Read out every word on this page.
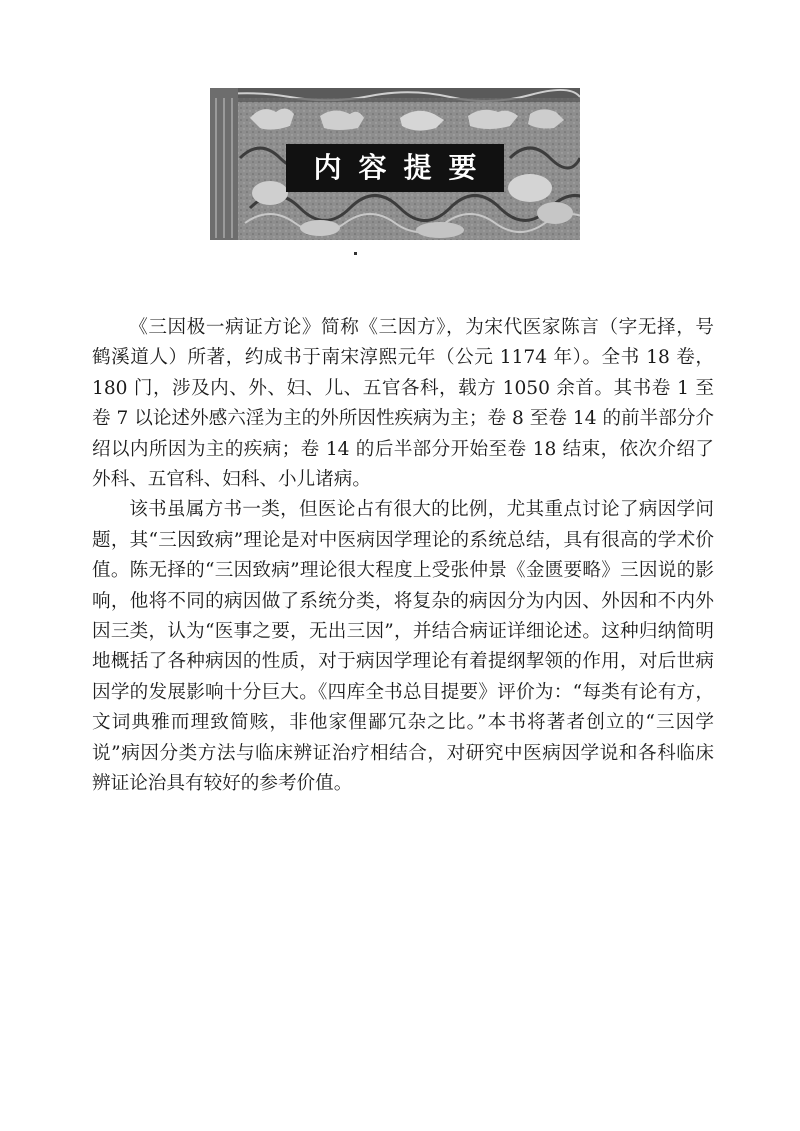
内容提要

《三因极一病证方论》简称《三因方》，为宋代医家陈言（字无择，号鹤溪道人）所著，约成书于南宋淳熙元年（公元 1174 年）。全书 18 卷，180 门，涉及内、外、妇、儿、五官各科，载方 1050 余首。其书卷 1 至卷 7 以论述外感六淫为主的外所因性疾病为主；卷 8 至卷 14 的前半部分介绍以内所因为主的疾病；卷 14 的后半部分开始至卷 18 结束，依次介绍了外科、五官科、妇科、小儿诸病。

该书虽属方书一类，但医论占有很大的比例，尤其重点讨论了病因学问题，其“三因致病”理论是对中医病因学理论的系统总结，具有很高的学术价值。陈无择的“三因致病”理论很大程度上受张仲景《金匮要略》三因说的影响，他将不同的病因做了系统分类，将复杂的病因分为内因、外因和不内外因三类，认为“医事之要，无出三因”，并结合病证详细论述。这种归纳简明地概括了各种病因的性质，对于病因学理论有着提纲挈领的作用，对后世病因学的发展影响十分巨大。《四库全书总目提要》评价为：“每类有论有方，文词典雅而理致简赅，非他家俚鄙冗杂之比。”本书将著者创立的“三因学说”病因分类方法与临床辨证治疗相结合，对研究中医病因学说和各科临床辨证论治具有较好的参考价值。
